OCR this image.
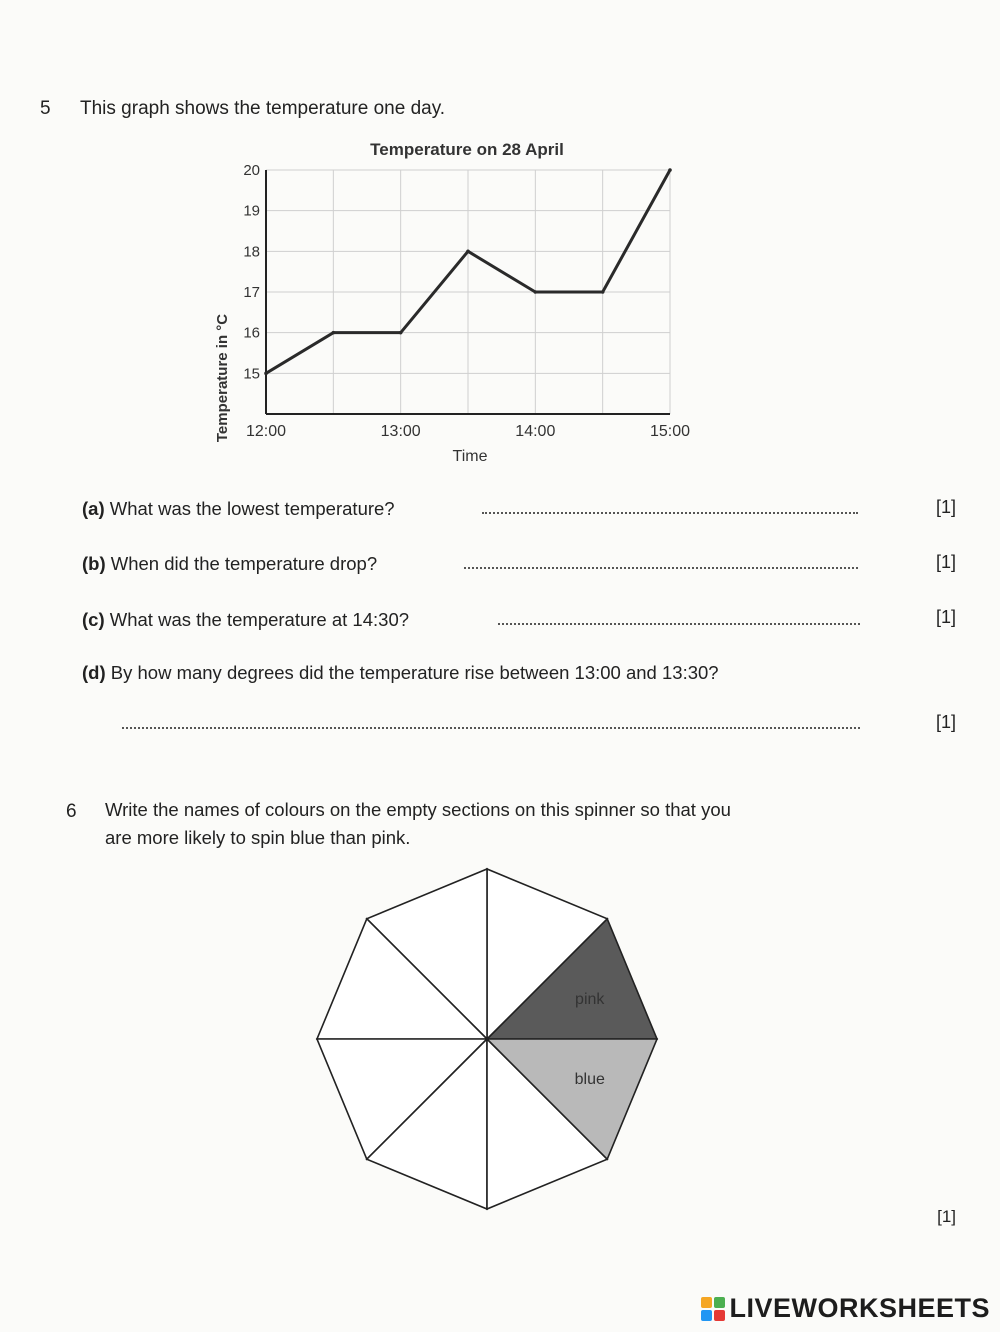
5 This graph shows the temperature one day.
Temperature on 28 April
15
16
17
18
19
20
12:00	13:00	14:00	15:00
Temperature in °C
Time
(a) What was the lowest temperature?	[1]
(b) When did the temperature drop?	[1]
(c) What was the temperature at 14:30?	[1]
(d) By how many degrees did the temperature rise between 13:00 and 13:30?
[1]
6 Write the names of colours on the empty sections on this spinner so that you
are more likely to spin blue than pink.
pink
blue
[1]
LIVEWORKSHEETS
